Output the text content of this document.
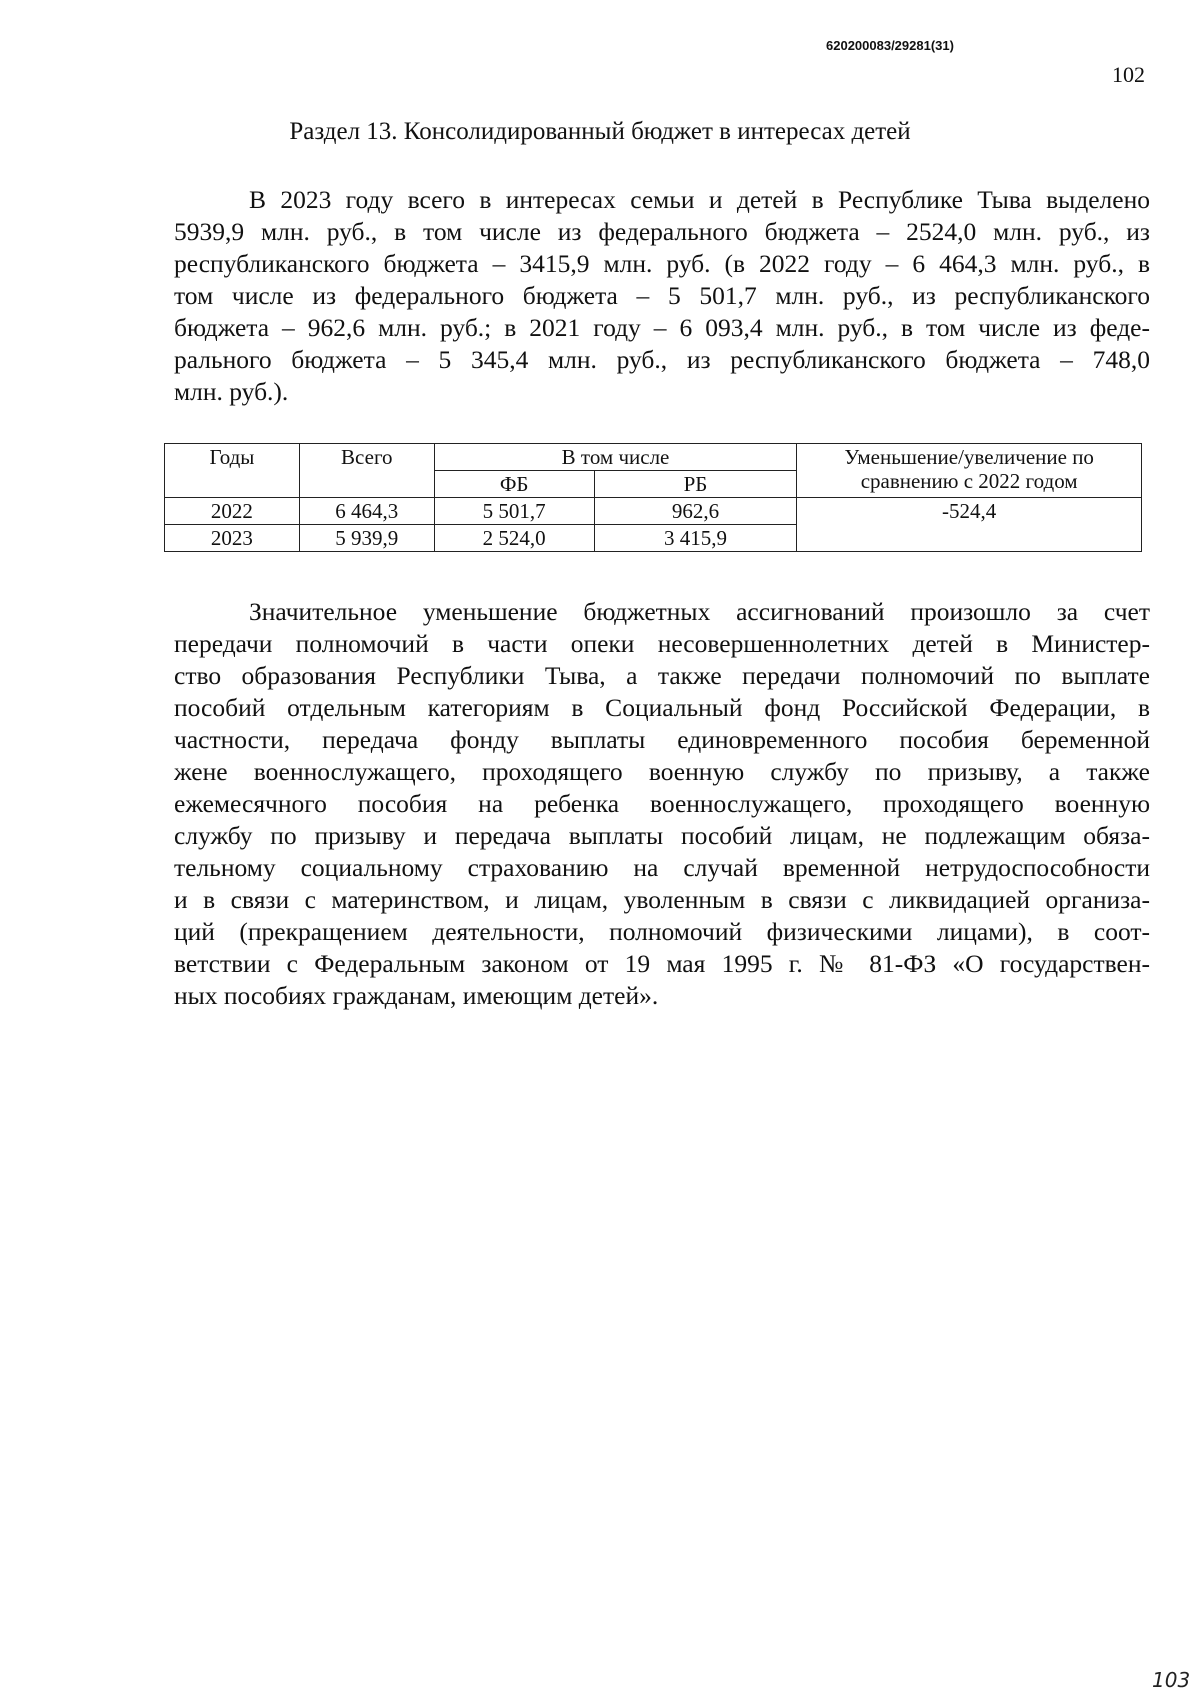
620200083/29281(31)
102
Раздел 13. Консолидированный бюджет в интересах детей
В 2023 году всего в интересах семьи и детей в Республике Тыва выделено
5939,9 млн. руб., в том числе из федерального бюджета – 2524,0 млн. руб., из
республиканского бюджета – 3415,9 млн. руб. (в 2022 году – 6 464,3 млн. руб., в
том числе из федерального бюджета – 5 501,7 млн. руб., из республиканского
бюджета – 962,6 млн. руб.; в 2021 году – 6 093,4 млн. руб., в том числе из феде-
рального бюджета – 5 345,4 млн. руб., из республиканского бюджета – 748,0
млн. руб.).
Годы	Всего	В том числе		Уменьшение/увеличение по сравнению с 2022 годом
		ФБ	РБ	
2022	6 464,3	5 501,7	962,6	-524,4
2023	5 939,9	2 524,0	3 415,9	
Значительное уменьшение бюджетных ассигнований произошло за счет
передачи полномочий в части опеки несовершеннолетних детей в Министер-
ство образования Республики Тыва, а также передачи полномочий по выплате
пособий отдельным категориям в Социальный фонд Российской Федерации, в
частности, передача фонду выплаты единовременного пособия беременной
жене военнослужащего, проходящего военную службу по призыву, а также
ежемесячного пособия на ребенка военнослужащего, проходящего военную
службу по призыву и передача выплаты пособий лицам, не подлежащим обяза-
тельному социальному страхованию на случай временной нетрудоспособности
и в связи с материнством, и лицам, уволенным в связи с ликвидацией организа-
ций (прекращением деятельности, полномочий физическими лицами), в соот-
ветствии с Федеральным законом от 19 мая 1995 г. № 81-ФЗ «О государствен-
ных пособиях гражданам, имеющим детей».
103
